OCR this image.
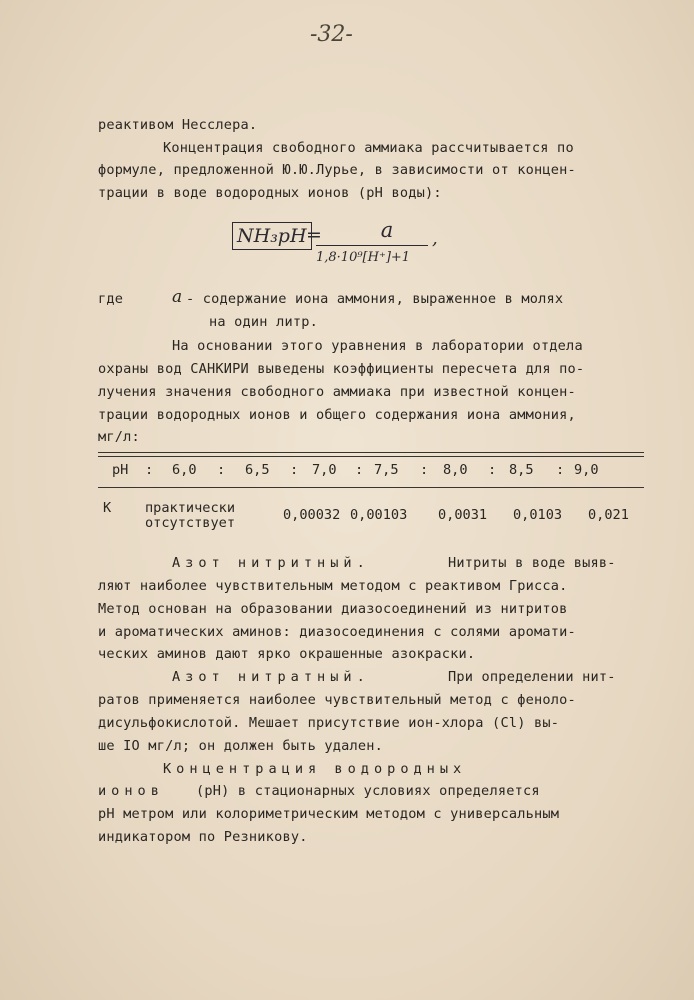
-32-
реактивом Несслера.
Концентрация свободного аммиака рассчитывается по
формуле, предложенной Ю.Ю.Лурье, в зависимости от концен-
трации в воде водородных ионов (рН воды):
NH₃pH =	a
1,8·10⁹[H⁺]+1
,
где	a - содержание иона аммония, выраженное в молях
на один литр.
На основании этого уравнения в лаборатории отдела
охраны вод САНКИРИ выведены коэффициенты пересчета для по-
лучения значения свободного аммиака при известной концен-
трации водородных ионов и общего содержания иона аммония,
мг/л:
рН : 6,0 : 6,5 : 7,0 : 7,5 : 8,0 : 8,5 : 9,0
К практически
отсутствует	0,00032 0,00103 0,0031 0,0103 0,021
Азот нитритный.	Нитриты в воде выяв-
ляют наиболее чувствительным методом с реактивом Грисса.
Метод основан на образовании диазосоединений из нитритов
и ароматических аминов: диазосоединения с солями аромати-
ческих аминов дают ярко окрашенные азокраски.
Азот нитратный.	При определении нит-
ратов применяется наиболее чувствительный метод с феноло-
дисульфокислотой. Мешает присутствие ион-хлора (Cl) вы-
ше IO мг/л; он должен быть удален.
Концентрация водородных
ионов (рН) в стационарных условиях определяется
рН метром или колориметрическим методом с универсальным
индикатором по Резникову.
